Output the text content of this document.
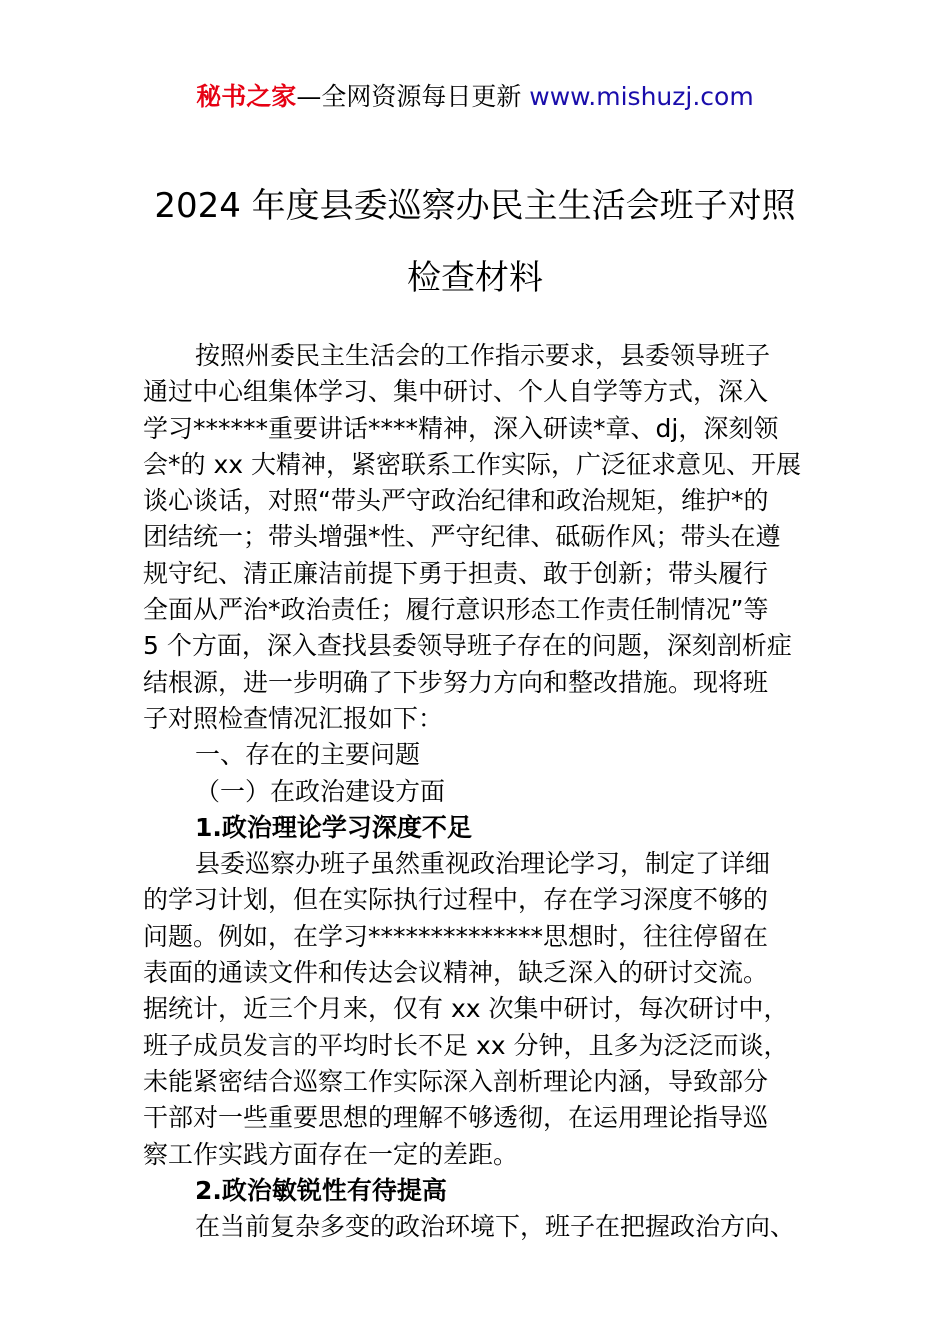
秘书之家—全网资源每日更新 www.mishuzj.com
2024 年度县委巡察办民主生活会班子对照
检查材料
按照州委民主生活会的工作指示要求，县委领导班子
通过中心组集体学习、集中研讨、个人自学等方式，深入
学习******重要讲话****精神，深入研读*章、dj，深刻领
会*的 xx 大精神，紧密联系工作实际，广泛征求意见、开展
谈心谈话，对照“带头严守政治纪律和政治规矩，维护*的
团结统一；带头增强*性、严守纪律、砥砺作风；带头在遵
规守纪、清正廉洁前提下勇于担责、敢于创新；带头履行
全面从严治*政治责任；履行意识形态工作责任制情况”等
5 个方面，深入查找县委领导班子存在的问题，深刻剖析症
结根源，进一步明确了下步努力方向和整改措施。现将班
子对照检查情况汇报如下：
一、存在的主要问题
（一）在政治建设方面
1.政治理论学习深度不足
县委巡察办班子虽然重视政治理论学习，制定了详细
的学习计划，但在实际执行过程中，存在学习深度不够的
问题。例如，在学习**************思想时，往往停留在
表面的通读文件和传达会议精神，缺乏深入的研讨交流。
据统计，近三个月来，仅有 xx 次集中研讨，每次研讨中，
班子成员发言的平均时长不足 xx 分钟，且多为泛泛而谈，
未能紧密结合巡察工作实际深入剖析理论内涵，导致部分
干部对一些重要思想的理解不够透彻，在运用理论指导巡
察工作实践方面存在一定的差距。
2.政治敏锐性有待提高
在当前复杂多变的政治环境下，班子在把握政治方向、
